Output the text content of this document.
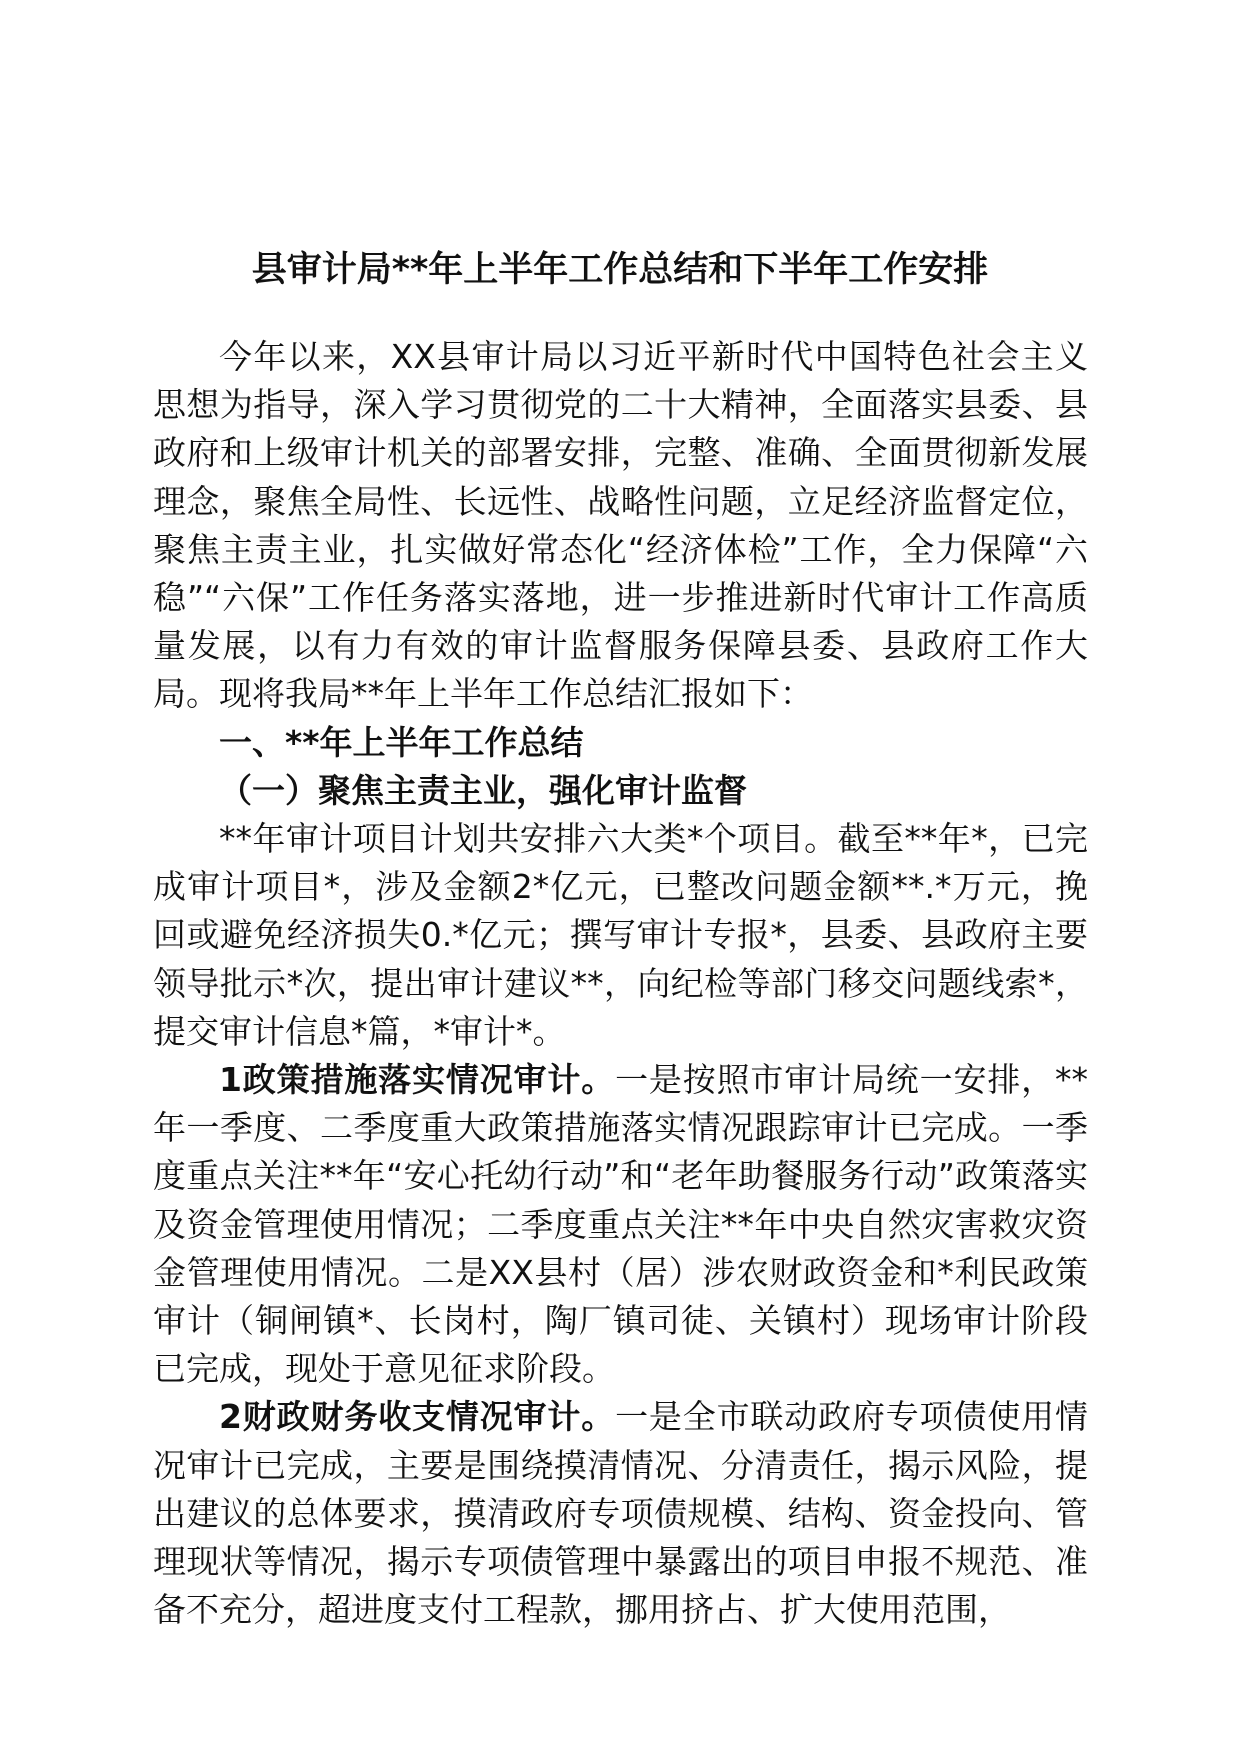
县审计局**年上半年工作总结和下半年工作安排

今年以来，XX县审计局以习近平新时代中国特色社会主义思想为指导，深入学习贯彻党的二十大精神，全面落实县委、县政府和上级审计机关的部署安排，完整、准确、全面贯彻新发展理念，聚焦全局性、长远性、战略性问题，立足经济监督定位，聚焦主责主业，扎实做好常态化“经济体检”工作，全力保障“六稳”“六保”工作任务落实落地，进一步推进新时代审计工作高质量发展，以有力有效的审计监督服务保障县委、县政府工作大局。现将我局**年上半年工作总结汇报如下：

一、**年上半年工作总结

（一）聚焦主责主业，强化审计监督

**年审计项目计划共安排六大类*个项目。截至**年*，已完成审计项目*，涉及金额2*亿元，已整改问题金额**.*万元，挽回或避免经济损失0.*亿元；撰写审计专报*，县委、县政府主要领导批示*次，提出审计建议**，向纪检等部门移交问题线索*，提交审计信息*篇，*审计*。

1政策措施落实情况审计。一是按照市审计局统一安排，**年一季度、二季度重大政策措施落实情况跟踪审计已完成。一季度重点关注**年“安心托幼行动”和“老年助餐服务行动”政策落实及资金管理使用情况；二季度重点关注**年中央自然灾害救灾资金管理使用情况。二是XX县村（居）涉农财政资金和*利民政策审计（铜闸镇*、长岗村，陶厂镇司徒、关镇村）现场审计阶段已完成，现处于意见征求阶段。

2财政财务收支情况审计。一是全市联动政府专项债使用情况审计已完成，主要是围绕摸清情况、分清责任，揭示风险，提出建议的总体要求，摸清政府专项债规模、结构、资金投向、管理现状等情况，揭示专项债管理中暴露出的项目申报不规范、准备不充分，超进度支付工程款，挪用挤占、扩大使用范围，
